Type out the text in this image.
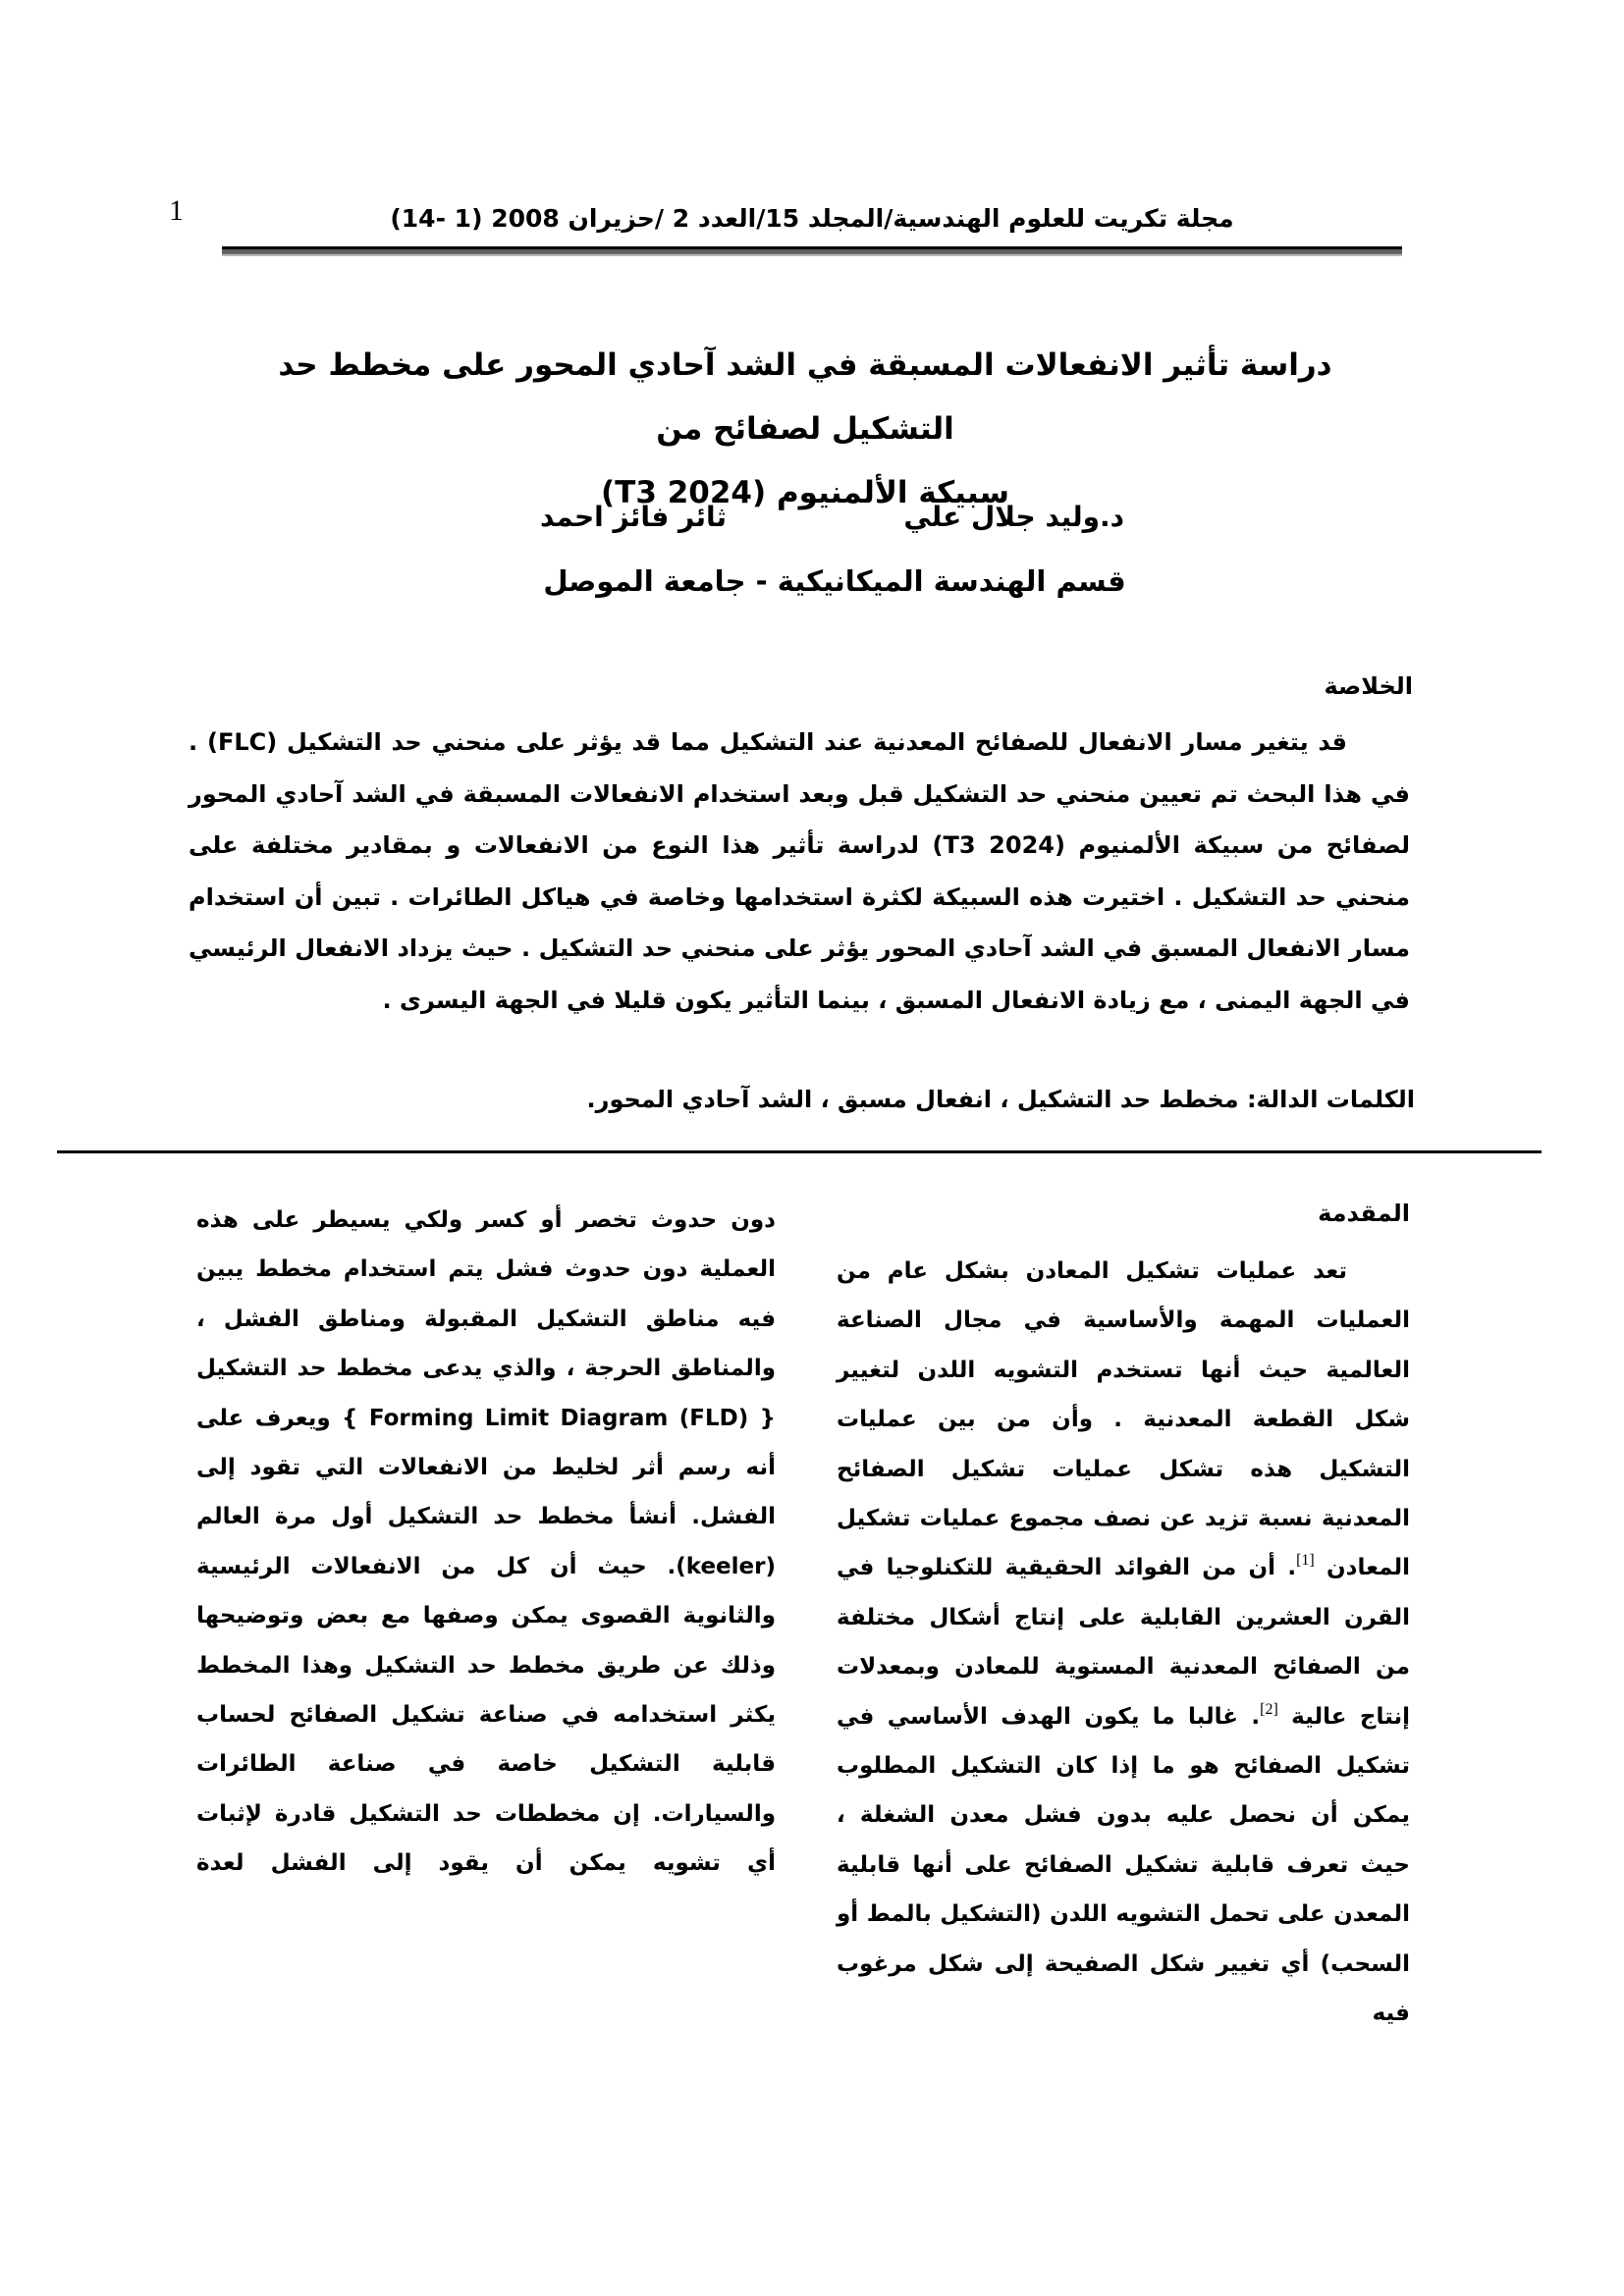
1	مجلة تكريت للعلوم الهندسية/المجلد 15/العدد 2 /حزيران 2008 (1 -14)
دراسة تأثير الانفعالات المسبقة في الشد آحادي المحور على مخطط حد التشكيل لصفائح من
سبيكة الألمنيوم (T3 2024)
د.وليد جلال علي
ثائر فائز احمد
قسم الهندسة الميكانيكية - جامعة الموصل
الخلاصة
قد يتغير مسار الانفعال للصفائح المعدنية عند التشكيل مما قد يؤثر على منحني حد التشكيل (FLC) . في هذا البحث تم تعيين منحني حد التشكيل قبل وبعد استخدام الانفعالات المسبقة في الشد آحادي المحور لصفائح من سبيكة الألمنيوم (2024 T3) لدراسة تأثير هذا النوع من الانفعالات و بمقادير مختلفة على منحني حد التشكيل . اختيرت هذه السبيكة لكثرة استخدامها وخاصة في هياكل الطائرات . تبين أن استخدام مسار الانفعال المسبق في الشد آحادي المحور يؤثر على منحني حد التشكيل . حيث يزداد الانفعال الرئيسي في الجهة اليمنى ، مع زيادة الانفعال المسبق ، بينما التأثير يكون قليلا في الجهة اليسرى .
الكلمات الدالة: مخطط حد التشكيل ، انفعال مسبق ، الشد آحادي المحور.
المقدمة

تعد عمليات تشكيل المعادن بشكل عام من العمليات المهمة والأساسية في مجال الصناعة العالمية حيث أنها تستخدم التشويه اللدن لتغيير شكل القطعة المعدنية . وأن من بين عمليات التشكيل هذه تشكل عمليات تشكيل الصفائح المعدنية نسبة تزيد عن نصف مجموع عمليات تشكيل المعادن [1]. أن من الفوائد الحقيقية للتكنلوجيا في القرن العشرين القابلية على إنتاج أشكال مختلفة من الصفائح المعدنية المستوية للمعادن وبمعدلات إنتاج عالية [2]. غالبا ما يكون الهدف الأساسي في تشكيل الصفائح هو ما إذا كان التشكيل المطلوب يمكن أن نحصل عليه بدون فشل معدن الشغلة ، حيث تعرف قابلية تشكيل الصفائح على أنها قابلية المعدن على تحمل التشويه اللدن (التشكيل بالمط أو السحب) أي تغيير شكل الصفيحة إلى شكل مرغوب فيه

دون حدوث تخصر أو كسر ولكي يسيطر على هذه العملية دون حدوث فشل يتم استخدام مخطط يبين فيه مناطق التشكيل المقبولة ومناطق الفشل ، والمناطق الحرجة ، والذي يدعى مخطط حد التشكيل { (FLD) Forming Limit Diagram } ويعرف على أنه رسم أثر لخليط من الانفعالات التي تقود إلى الفشل. أنشأ مخطط حد التشكيل أول مرة العالم (keeler). حيث أن كل من الانفعالات الرئيسية والثانوية القصوى يمكن وصفها مع بعض وتوضيحها وذلك عن طريق مخطط حد التشكيل وهذا المخطط يكثر استخدامه في صناعة تشكيل الصفائح لحساب قابلية التشكيل خاصة في صناعة الطائرات والسيارات. إن مخططات حد التشكيل قادرة لإثبات أي تشويه يمكن أن يقود إلى الفشل لعدة
